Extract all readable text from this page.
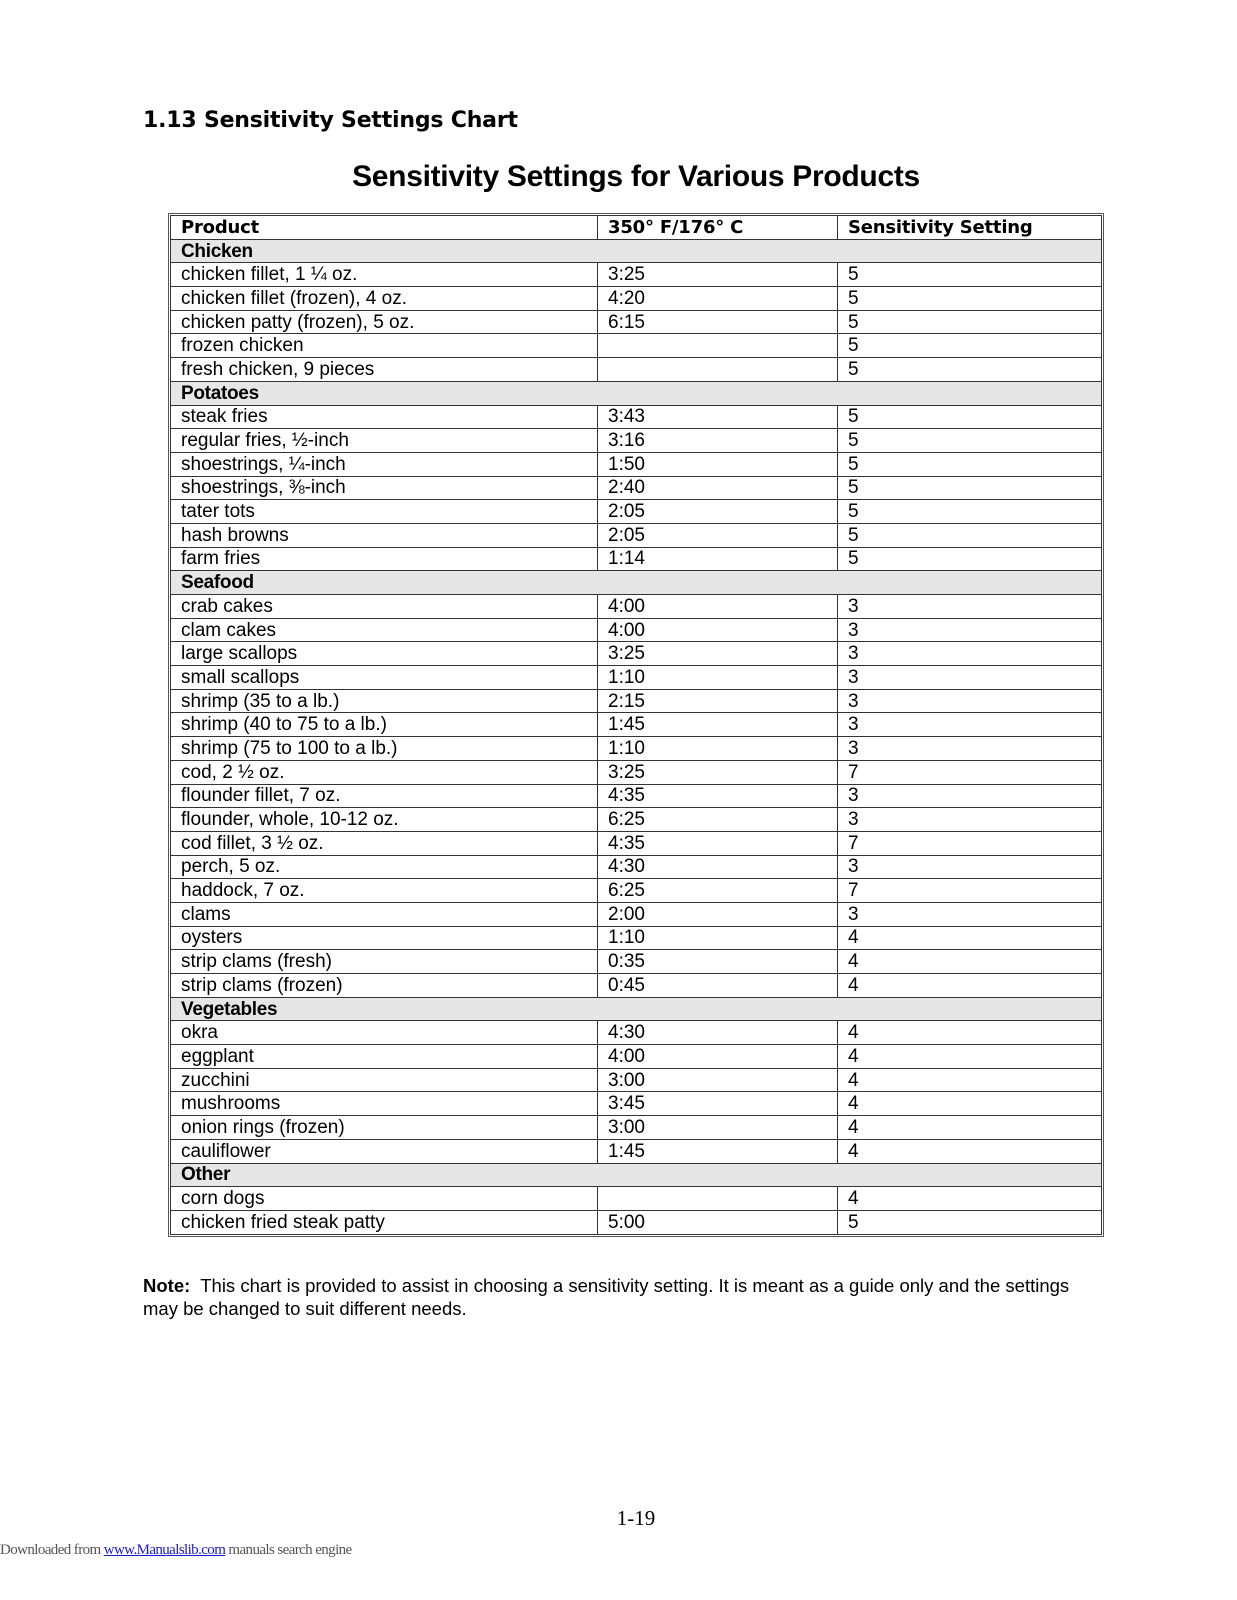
1.13 Sensitivity Settings Chart
Sensitivity Settings for Various Products
Product	350° F/176° C	Sensitivity Setting
Chicken		
chicken fillet, 1 ¼ oz.	3:25	5
chicken fillet (frozen), 4 oz.	4:20	5
chicken patty (frozen), 5 oz.	6:15	5
frozen chicken		5
fresh chicken, 9 pieces		5
Potatoes		
steak fries	3:43	5
regular fries, ½-inch	3:16	5
shoestrings, ¼-inch	1:50	5
shoestrings, ⅜-inch	2:40	5
tater tots	2:05	5
hash browns	2:05	5
farm fries	1:14	5
Seafood		
crab cakes	4:00	3
clam cakes	4:00	3
large scallops	3:25	3
small scallops	1:10	3
shrimp (35 to a lb.)	2:15	3
shrimp (40 to 75 to a lb.)	1:45	3
shrimp (75 to 100 to a lb.)	1:10	3
cod, 2 ½ oz.	3:25	7
flounder fillet, 7 oz.	4:35	3
flounder, whole, 10-12 oz.	6:25	3
cod fillet, 3 ½ oz.	4:35	7
perch, 5 oz.	4:30	3
haddock, 7 oz.	6:25	7
clams	2:00	3
oysters	1:10	4
strip clams (fresh)	0:35	4
strip clams (frozen)	0:45	4
Vegetables		
okra	4:30	4
eggplant	4:00	4
zucchini	3:00	4
mushrooms	3:45	4
onion rings (frozen)	3:00	4
cauliflower	1:45	4
Other		
corn dogs		4
chicken fried steak patty	5:00	5
Note: This chart is provided to assist in choosing a sensitivity setting. It is meant as a guide only and the settings may be changed to suit different needs.
1-19
Downloaded from www.Manualslib.com manuals search engine
